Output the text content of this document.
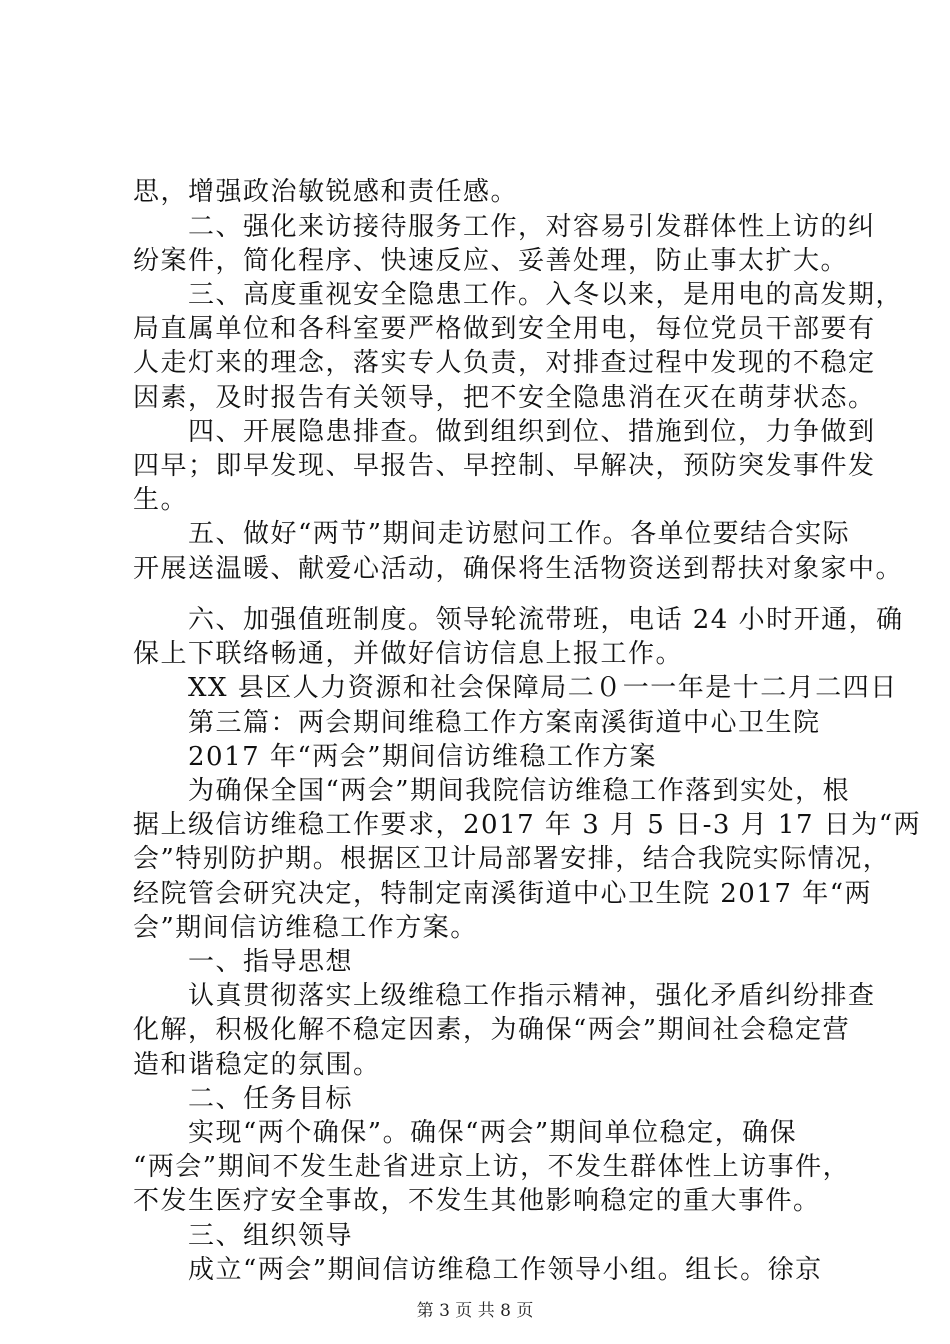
思，增强政治敏锐感和责任感。
　　二、强化来访接待服务工作，对容易引发群体性上访的纠
纷案件，简化程序、快速反应、妥善处理，防止事太扩大。
　　三、高度重视安全隐患工作。入冬以来，是用电的高发期，
局直属单位和各科室要严格做到安全用电，每位党员干部要有
人走灯来的理念，落实专人负责，对排查过程中发现的不稳定
因素，及时报告有关领导，把不安全隐患消在灭在萌芽状态。
　　四、开展隐患排查。做到组织到位、措施到位，力争做到
四早；即早发现、早报告、早控制、早解决，预防突发事件发
生。
　　五、做好“两节”期间走访慰问工作。各单位要结合实际
开展送温暖、献爱心活动，确保将生活物资送到帮扶对象家中。
　　六、加强值班制度。领导轮流带班，电话 24 小时开通，确
保上下联络畅通，并做好信访信息上报工作。
　　XX 县区人力资源和社会保障局二０一一年是十二月二四日
　　第三篇：两会期间维稳工作方案南溪街道中心卫生院
　　2017 年“两会”期间信访维稳工作方案
　　为确保全国“两会”期间我院信访维稳工作落到实处，根
据上级信访维稳工作要求，2017 年 3 月 5 日-3 月 17 日为“两
会”特别防护期。根据区卫计局部署安排，结合我院实际情况，
经院管会研究决定，特制定南溪街道中心卫生院 2017 年“两
会”期间信访维稳工作方案。
　　一、指导思想
　　认真贯彻落实上级维稳工作指示精神，强化矛盾纠纷排查
化解，积极化解不稳定因素，为确保“两会”期间社会稳定营
造和谐稳定的氛围。
　　二、任务目标
　　实现“两个确保”。确保“两会”期间单位稳定，确保
“两会”期间不发生赴省进京上访，不发生群体性上访事件，
不发生医疗安全事故，不发生其他影响稳定的重大事件。
　　三、组织领导
　　成立“两会”期间信访维稳工作领导小组。组长。徐京
第 3 页 共 8 页
